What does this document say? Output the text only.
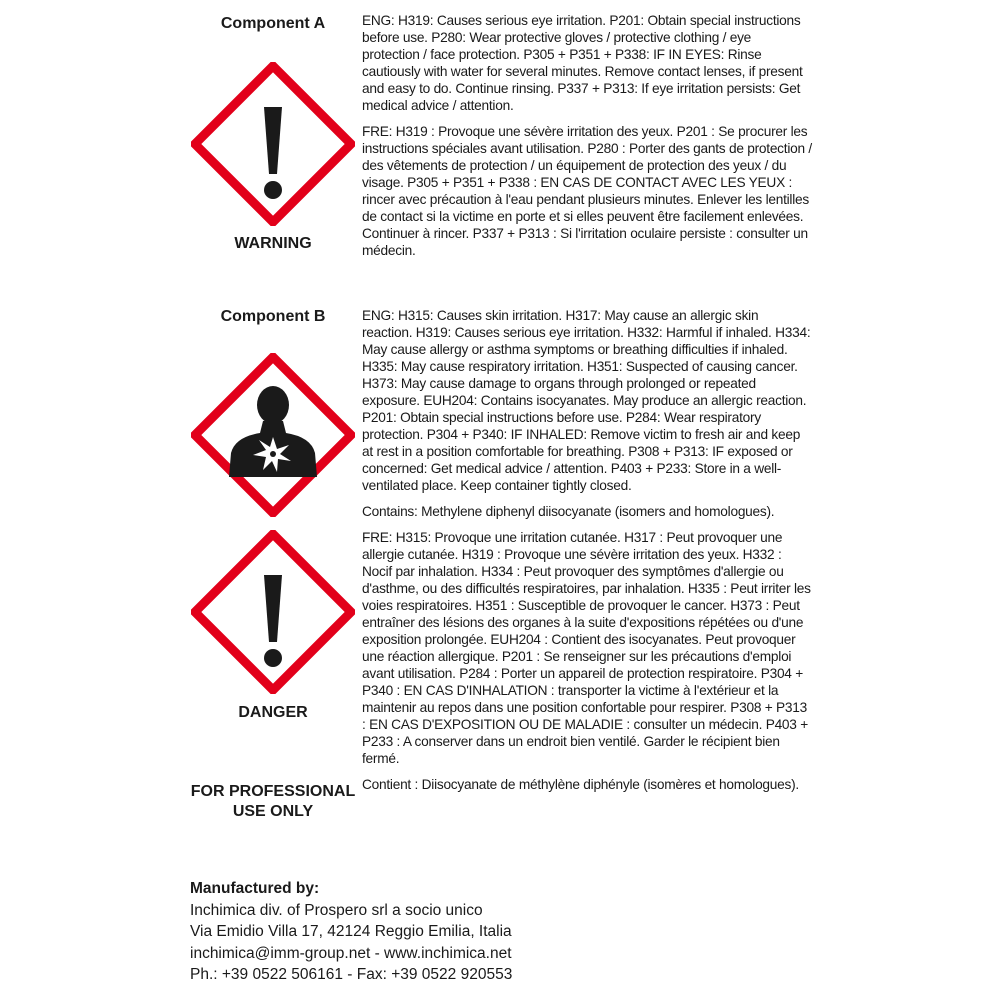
Component A
WARNING

ENG: H319: Causes serious eye irritation. P201: Obtain special instructions before use. P280: Wear protective gloves / protective clothing / eye protection / face protection. P305 + P351 + P338: IF IN EYES: Rinse cautiously with water for several minutes. Remove contact lenses, if present and easy to do. Continue rinsing. P337 + P313: If eye irritation persists: Get medical advice / attention.

FRE: H319 : Provoque une sévère irritation des yeux. P201 : Se procurer les instructions spéciales avant utilisation. P280 : Porter des gants de protection / des vêtements de protection / un équipement de protection des yeux / du visage. P305 + P351 + P338 : EN CAS DE CONTACT AVEC LES YEUX : rincer avec précaution à l'eau pendant plusieurs minutes. Enlever les lentilles de contact si la victime en porte et si elles peuvent être facilement enlevées. Continuer à rincer. P337 + P313 : Si l'irritation oculaire persiste : consulter un médecin.

Component B
DANGER
FOR PROFESSIONAL
USE ONLY

ENG: H315: Causes skin irritation. H317: May cause an allergic skin reaction. H319: Causes serious eye irritation. H332: Harmful if inhaled. H334: May cause allergy or asthma symptoms or breathing difficulties if inhaled. H335: May cause respiratory irritation. H351: Suspected of causing cancer. H373: May cause damage to organs through prolonged or repeated exposure. EUH204: Contains isocyanates. May produce an allergic reaction. P201: Obtain special instructions before use. P284: Wear respiratory protection. P304 + P340: IF INHALED: Remove victim to fresh air and keep at rest in a position comfortable for breathing. P308 + P313: IF exposed or concerned: Get medical advice / attention. P403 + P233: Store in a well-ventilated place. Keep container tightly closed.

Contains: Methylene diphenyl diisocyanate (isomers and homologues).

FRE: H315: Provoque une irritation cutanée. H317 : Peut provoquer une allergie cutanée. H319 : Provoque une sévère irritation des yeux. H332 : Nocif par inhalation. H334 : Peut provoquer des symptômes d'allergie ou d'asthme, ou des difficultés respiratoires, par inhalation. H335 : Peut irriter les voies respiratoires. H351 : Susceptible de provoquer le cancer. H373 : Peut entraîner des lésions des organes à la suite d'expositions répétées ou d'une exposition prolongée. EUH204 : Contient des isocyanates. Peut provoquer une réaction allergique. P201 : Se renseigner sur les précautions d'emploi avant utilisation. P284 : Porter un appareil de protection respiratoire. P304 + P340 : EN CAS D'INHALATION : transporter la victime à l'extérieur et la maintenir au repos dans une position confortable pour respirer. P308 + P313 : EN CAS D'EXPOSITION OU DE MALADIE : consulter un médecin. P403 + P233 : A conserver dans un endroit bien ventilé. Garder le récipient bien fermé.

Contient : Diisocyanate de méthylène diphényle (isomères et homologues).

Manufactured by:
Inchimica div. of Prospero srl a socio unico
Via Emidio Villa 17, 42124 Reggio Emilia, Italia
inchimica@imm-group.net - www.inchimica.net
Ph.: +39 0522 506161 - Fax: +39 0522 920553
